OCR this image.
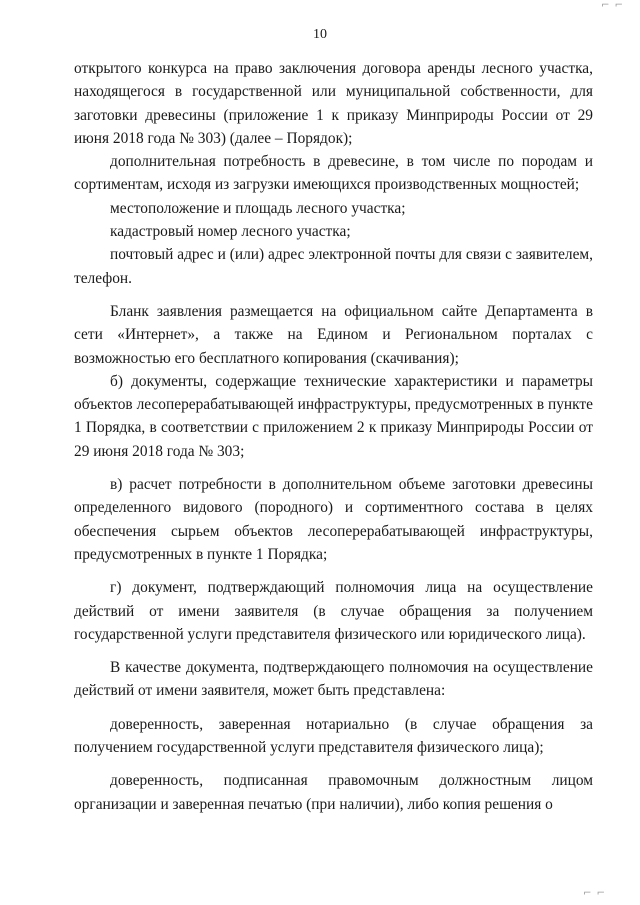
⌐ ⌐
10

открытого конкурса на право заключения договора аренды лесного участка, находящегося в государственной или муниципальной собственности, для заготовки древесины (приложение 1 к приказу Минприроды России от 29 июня 2018 года № 303) (далее – Порядок);

дополнительная потребность в древесине, в том числе по породам и сортиментам, исходя из загрузки имеющихся производственных мощностей;

местоположение и площадь лесного участка;

кадастровый номер лесного участка;

почтовый адрес и (или) адрес электронной почты для связи с заявителем, телефон.

Бланк заявления размещается на официальном сайте Департамента в сети «Интернет», а также на Едином и Региональном порталах с возможностью его бесплатного копирования (скачивания);

б) документы, содержащие технические характеристики и параметры объектов лесоперерабатывающей инфраструктуры, предусмотренных в пункте 1 Порядка, в соответствии с приложением 2 к приказу Минприроды России от 29 июня 2018 года № 303;

в) расчет потребности в дополнительном объеме заготовки древесины определенного видового (породного) и сортиментного состава в целях обеспечения сырьем объектов лесоперерабатывающей инфраструктуры, предусмотренных в пункте 1 Порядка;

г) документ, подтверждающий полномочия лица на осуществление действий от имени заявителя (в случае обращения за получением государственной услуги представителя физического или юридического лица).

В качестве документа, подтверждающего полномочия на осуществление действий от имени заявителя, может быть представлена:

доверенность, заверенная нотариально (в случае обращения за получением государственной услуги представителя физического лица);

доверенность, подписанная правомочным должностным лицом организации и заверенная печатью (при наличии), либо копия решения о

⌐ ⌐
